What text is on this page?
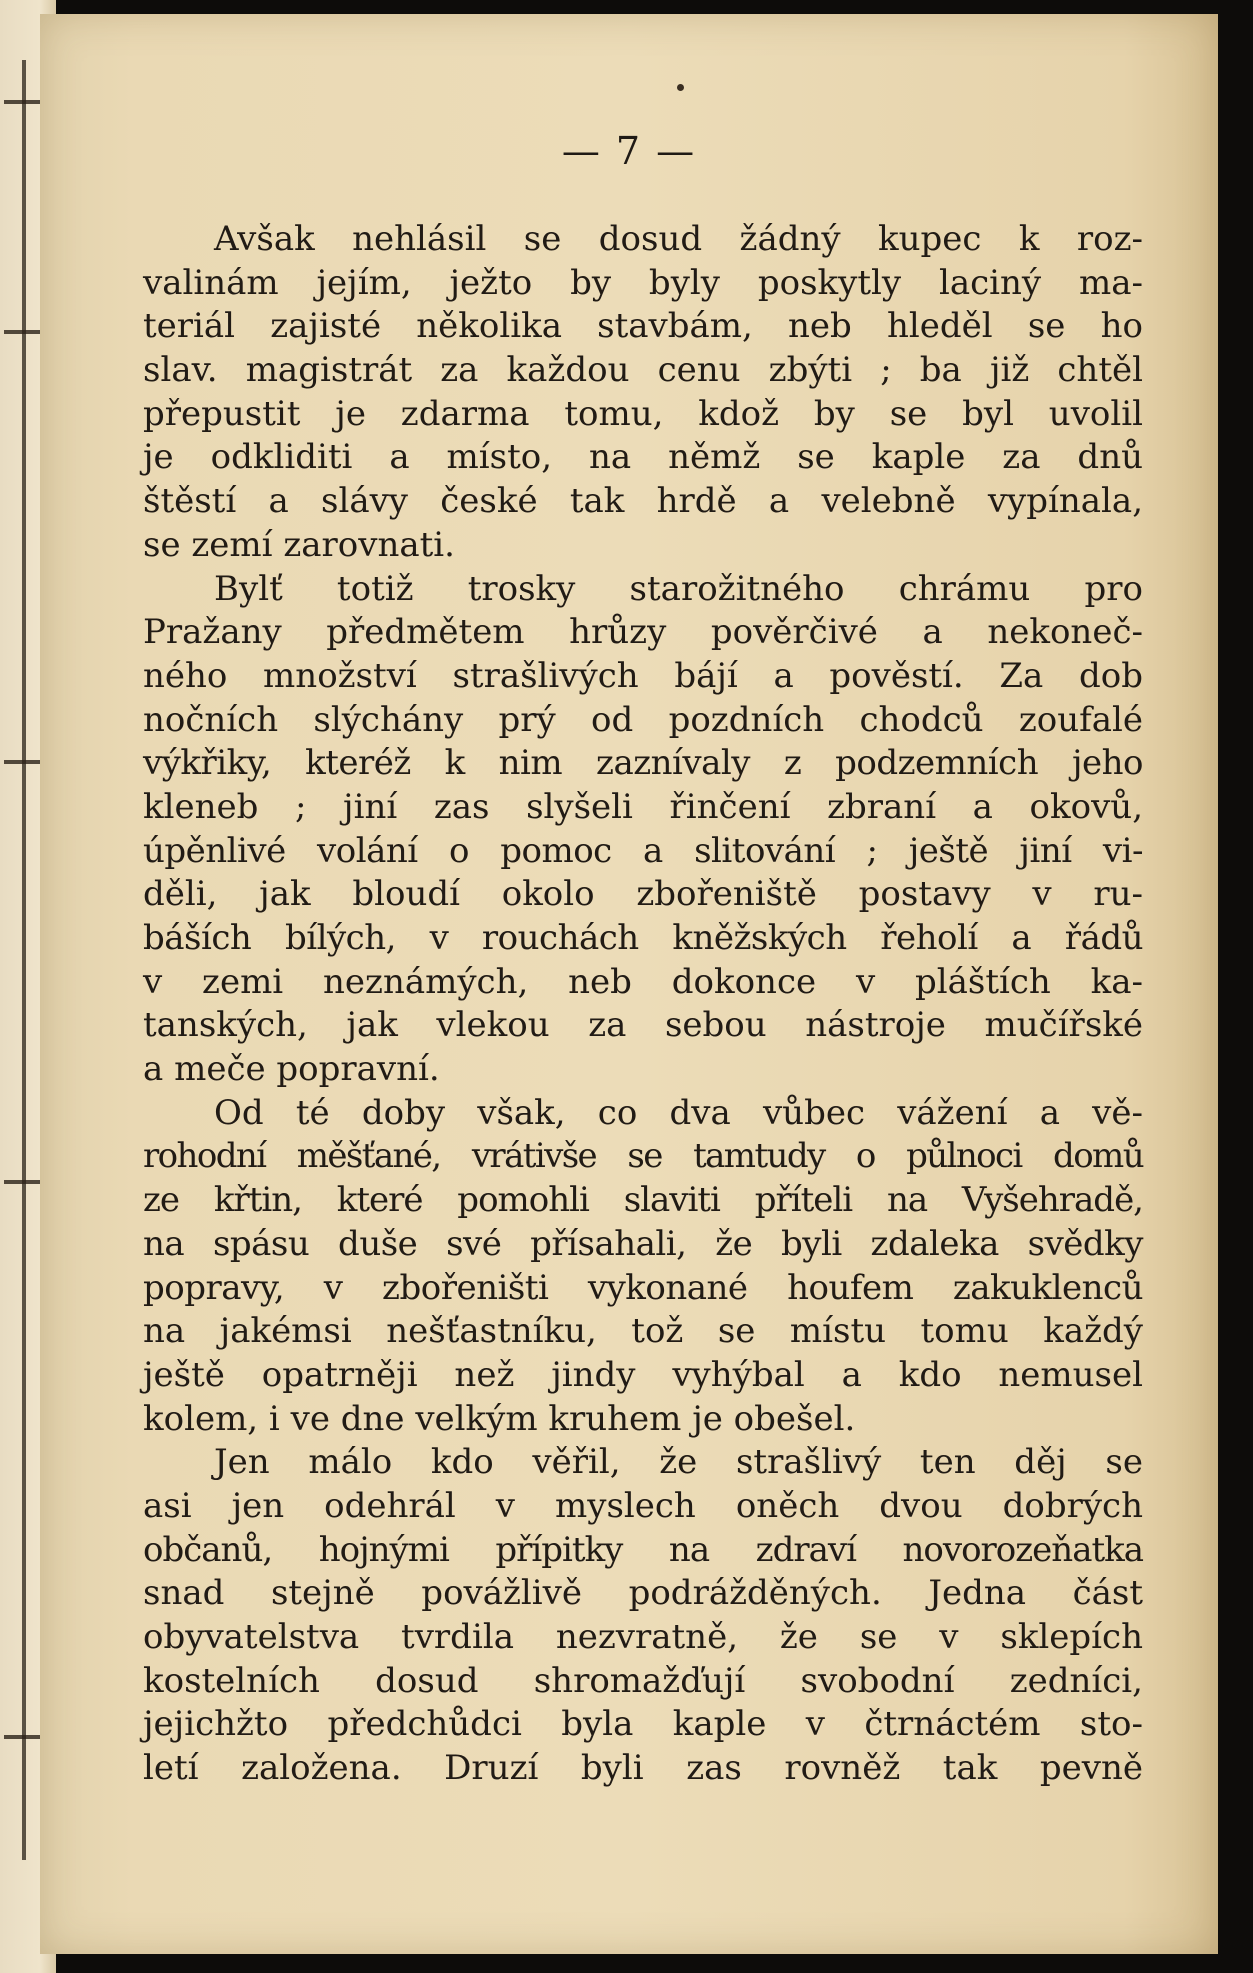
— 7 —
Avšak nehlásil se dosud žádný kupec k roz-
valinám jejím, ježto by byly poskytly laciný ma-
teriál zajisté několika stavbám, neb hleděl se ho
slav. magistrát za každou cenu zbýti ; ba již chtěl
přepustit je zdarma tomu, kdož by se byl uvolil
je odkliditi a místo, na němž se kaple za dnů
štěstí a slávy české tak hrdě a velebně vypínala,
se zemí zarovnati.
Bylť totiž trosky starožitného chrámu pro
Pražany předmětem hrůzy pověrčivé a nekoneč-
ného množství strašlivých bájí a pověstí. Za dob
nočních slýchány prý od pozdních chodců zoufalé
výkřiky, kteréž k nim zaznívaly z podzemních jeho
kleneb ; jiní zas slyšeli řinčení zbraní a okovů,
úpěnlivé volání o pomoc a slitování ; ještě jiní vi-
děli, jak bloudí okolo zbořeniště postavy v ru-
báších bílých, v rouchách kněžských řeholí a řádů
v zemi neznámých, neb dokonce v pláštích ka-
tanských, jak vlekou za sebou nástroje mučířské
a meče popravní.
Od té doby však, co dva vůbec vážení a vě-
rohodní měšťané, vrátivše se tamtudy o půlnoci domů
ze křtin, které pomohli slaviti příteli na Vyšehradě,
na spásu duše své přísahali, že byli zdaleka svědky
popravy, v zbořeništi vykonané houfem zakuklenců
na jakémsi nešťastníku, tož se místu tomu každý
ještě opatrněji než jindy vyhýbal a kdo nemusel
kolem, i ve dne velkým kruhem je obešel.
Jen málo kdo věřil, že strašlivý ten děj se
asi jen odehrál v myslech oněch dvou dobrých
občanů, hojnými přípitky na zdraví novorozeňatka
snad stejně povážlivě podrážděných. Jedna část
obyvatelstva tvrdila nezvratně, že se v sklepích
kostelních dosud shromažďují svobodní zedníci,
jejichžto předchůdci byla kaple v čtrnáctém sto-
letí založena. Druzí byli zas rovněž tak pevně
